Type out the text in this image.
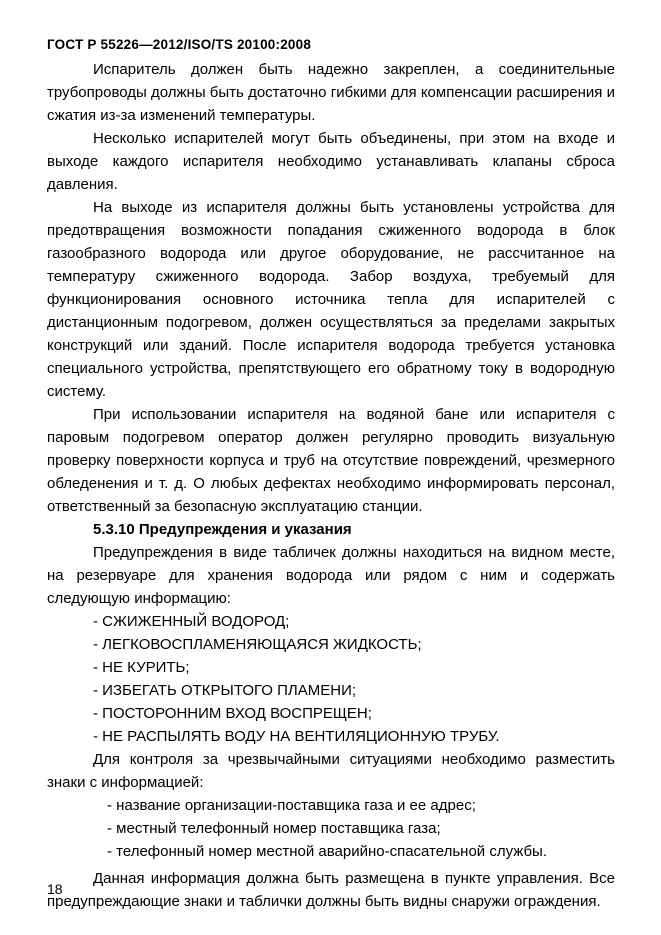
ГОСТ Р 55226—2012/ISO/TS 20100:2008

Испаритель должен быть надежно закреплен, а соединительные трубопроводы должны быть достаточно гибкими для компенсации расширения и сжатия из-за изменений температуры.

Несколько испарителей могут быть объединены, при этом на входе и выходе каждого испарителя необходимо устанавливать клапаны сброса давления.

На выходе из испарителя должны быть установлены устройства для предотвращения возможности попадания сжиженного водорода в блок газообразного водорода или другое оборудование, не рассчитанное на температуру сжиженного водорода. Забор воздуха, требуемый для функционирования основного источника тепла для испарителей с дистанционным подогревом, должен осуществляться за пределами закрытых конструкций или зданий. После испарителя водорода требуется установка специального устройства, препятствующего его обратному току в водородную систему.

При использовании испарителя на водяной бане или испарителя с паровым подогревом оператор должен регулярно проводить визуальную проверку поверхности корпуса и труб на отсутствие повреждений, чрезмерного обледенения и т. д. О любых дефектах необходимо информировать персонал, ответственный за безопасную эксплуатацию станции.

5.3.10 Предупреждения и указания

Предупреждения в виде табличек должны находиться на видном месте, на резервуаре для хранения водорода или рядом с ним и содержать следующую информацию:

- СЖИЖЕННЫЙ ВОДОРОД;

- ЛЕГКОВОСПЛАМЕНЯЮЩАЯСЯ ЖИДКОСТЬ;

- НЕ КУРИТЬ;

- ИЗБЕГАТЬ ОТКРЫТОГО ПЛАМЕНИ;

- ПОСТОРОННИМ ВХОД ВОСПРЕЩЕН;

- НЕ РАСПЫЛЯТЬ ВОДУ НА ВЕНТИЛЯЦИОННУЮ ТРУБУ.

Для контроля за чрезвычайными ситуациями необходимо разместить знаки с информацией:

- название организации-поставщика газа и ее адрес;

- местный телефонный номер поставщика газа;

- телефонный номер местной аварийно-спасательной службы.

Данная информация должна быть размещена в пункте управления. Все предупреждающие знаки и таблички должны быть видны снаружи ограждения.

18
